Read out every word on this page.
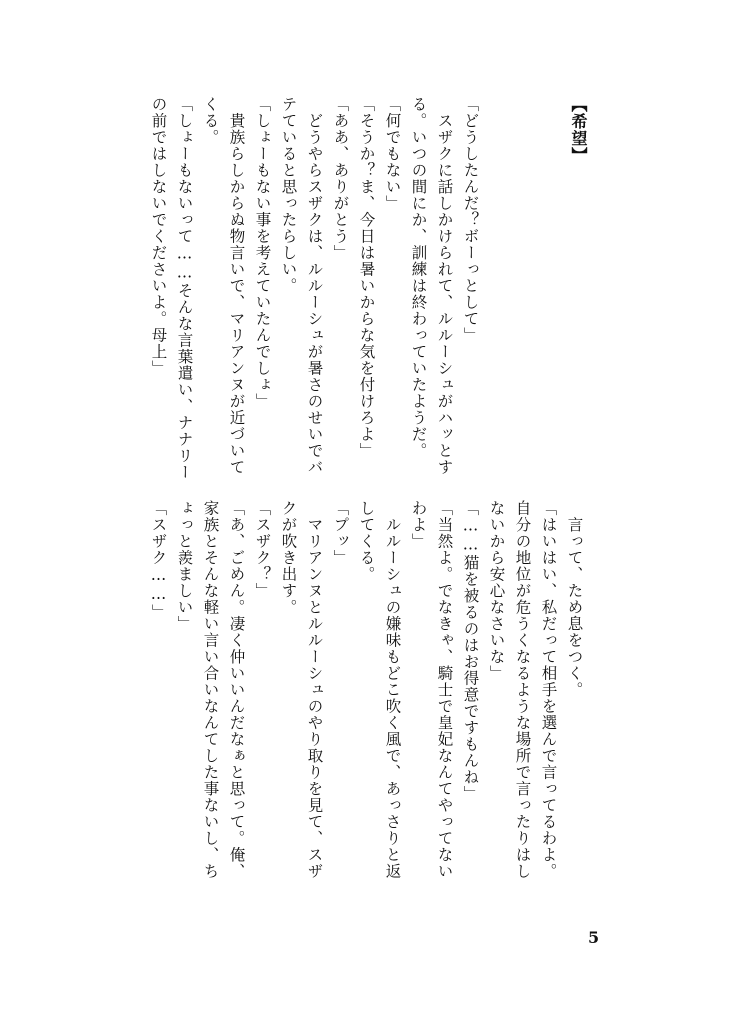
【希望】
「どうしたんだ？ボーっとして」
　スザクに話しかけられて、ルルーシュがハッとす
る。いつの間にか、訓練は終わっていたようだ。
「何でもない」
「そうか？ま、今日は暑いからな気を付けろよ」
「ああ、ありがとう」
　どうやらスザクは、ルルーシュが暑さのせいでバ
テていると思ったらしい。
「しょーもない事を考えていたんでしょ」
　貴族らしからぬ物言いで、マリアンヌが近づいて
くる。
「しょーもないって……そんな言葉遣い、ナナリー
の前ではしないでくださいよ。母上」
　言って、ため息をつく。
「はいはい、私だって相手を選んで言ってるわよ。
自分の地位が危うくなるような場所で言ったりはし
ないから安心なさいな」
「……猫を被るのはお得意ですもんね」
「当然よ。でなきゃ、騎士で皇妃なんてやってない
わよ」
　ルルーシュの嫌味もどこ吹く風で、あっさりと返
してくる。
「プッ」
　マリアンヌとルルーシュのやり取りを見て、スザ
クが吹き出す。
「スザク？」
「あ、ごめん。凄く仲いいんだなぁと思って。俺、
家族とそんな軽い言い合いなんてした事ないし、ち
ょっと羨ましい」
「スザク……」
5
